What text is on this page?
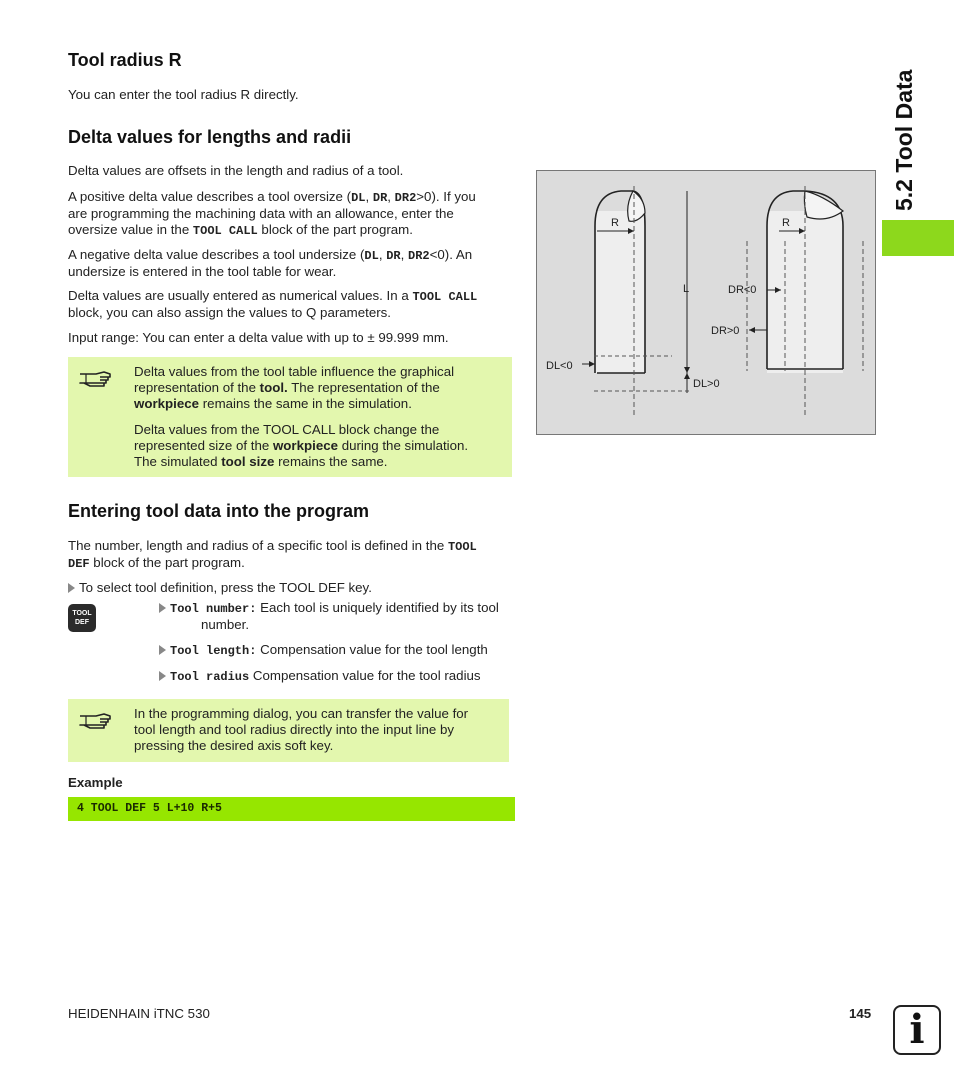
5.2 Tool Data
Tool radius R

You can enter the tool radius R directly.

Delta values for lengths and radii

Delta values are offsets in the length and radius of a tool.

A positive delta value describes a tool oversize (DL, DR, DR2>0). If you
are programming the machining data with an allowance, enter the
oversize value in the TOOL CALL block of the part program.
A negative delta value describes a tool undersize (DL, DR, DR2<0). An
undersize is entered in the tool table for wear.
Delta values are usually entered as numerical values. In a TOOL CALL
block, you can also assign the values to Q parameters.

Input range: You can enter a delta value with up to ± 99.999 mm.

Delta values from the tool table influence the graphical
representation of the tool. The representation of the
workpiece remains the same in the simulation.
Delta values from the TOOL CALL block change the
represented size of the workpiece during the simulation.
The simulated tool size remains the same.
R	R
L	DR<0
DR>0
DL<0
DL>0
Entering tool data into the program
The number, length and radius of a specific tool is defined in the TOOL
DEF block of the part program.
To select tool definition, press the TOOL DEF key.
TOOL
DEF
Tool number: Each tool is uniquely identified by its tool
number.
Tool length: Compensation value for the tool length
Tool radius Compensation value for the tool radius
In the programming dialog, you can transfer the value for
tool length and tool radius directly into the input line by
pressing the desired axis soft key.
Example
4 TOOL DEF 5 L+10 R+5
HEIDENHAIN iTNC 530	145 i
